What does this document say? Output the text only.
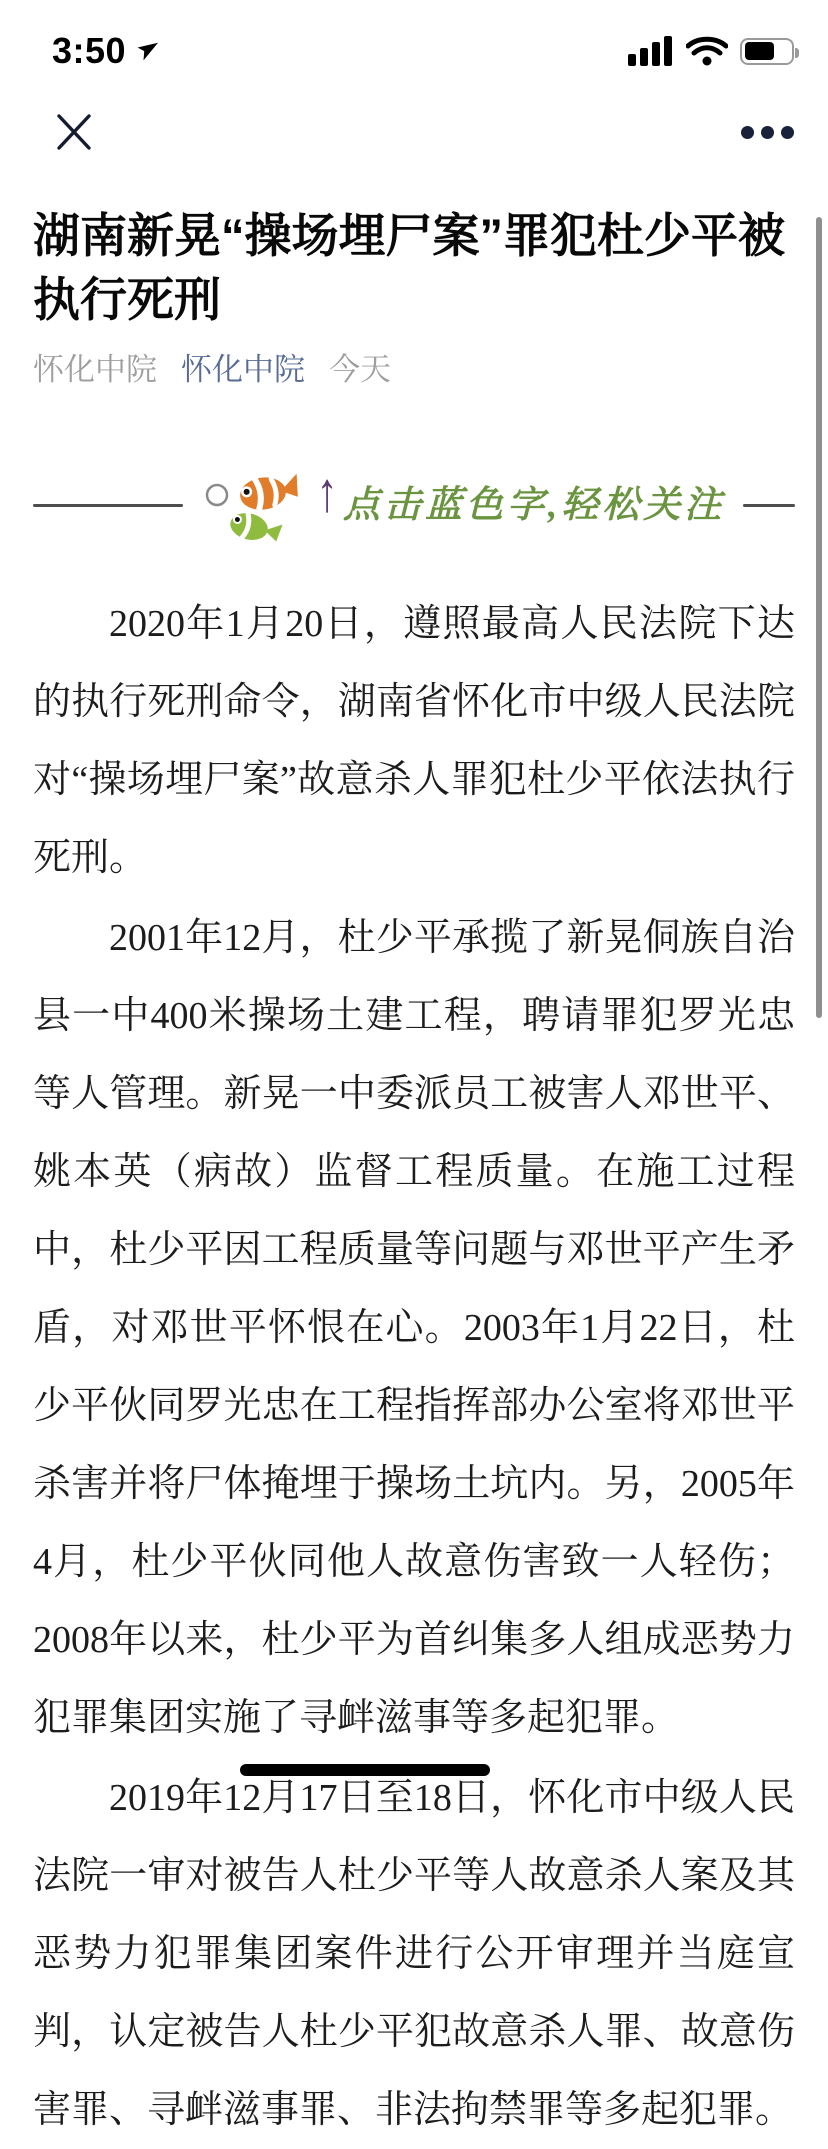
3:50
湖南新晃“操场埋尸案”罪犯杜少平被执行死刑
怀化中院 怀化中院 今天
↑ 点击蓝色字,轻松关注

2020年1月20日，遵照最高人民法院下达的执行死刑命令，湖南省怀化市中级人民法院对“操场埋尸案”故意杀人罪犯杜少平依法执行死刑。

2001年12月，杜少平承揽了新晃侗族自治县一中400米操场土建工程，聘请罪犯罗光忠等人管理。新晃一中委派员工被害人邓世平、姚本英（病故）监督工程质量。在施工过程中，杜少平因工程质量等问题与邓世平产生矛盾，对邓世平怀恨在心。2003年1月22日，杜少平伙同罗光忠在工程指挥部办公室将邓世平杀害并将尸体掩埋于操场土坑内。另，2005年4月，杜少平伙同他人故意伤害致一人轻伤；2008年以来，杜少平为首纠集多人组成恶势力犯罪集团实施了寻衅滋事等多起犯罪。

2019年12月17日至18日，怀化市中级人民法院一审对被告人杜少平等人故意杀人案及其恶势力犯罪集团案件进行公开审理并当庭宣判，认定被告人杜少平犯故意杀人罪、故意伤害罪、寻衅滋事罪、非法拘禁罪等多起犯罪。
